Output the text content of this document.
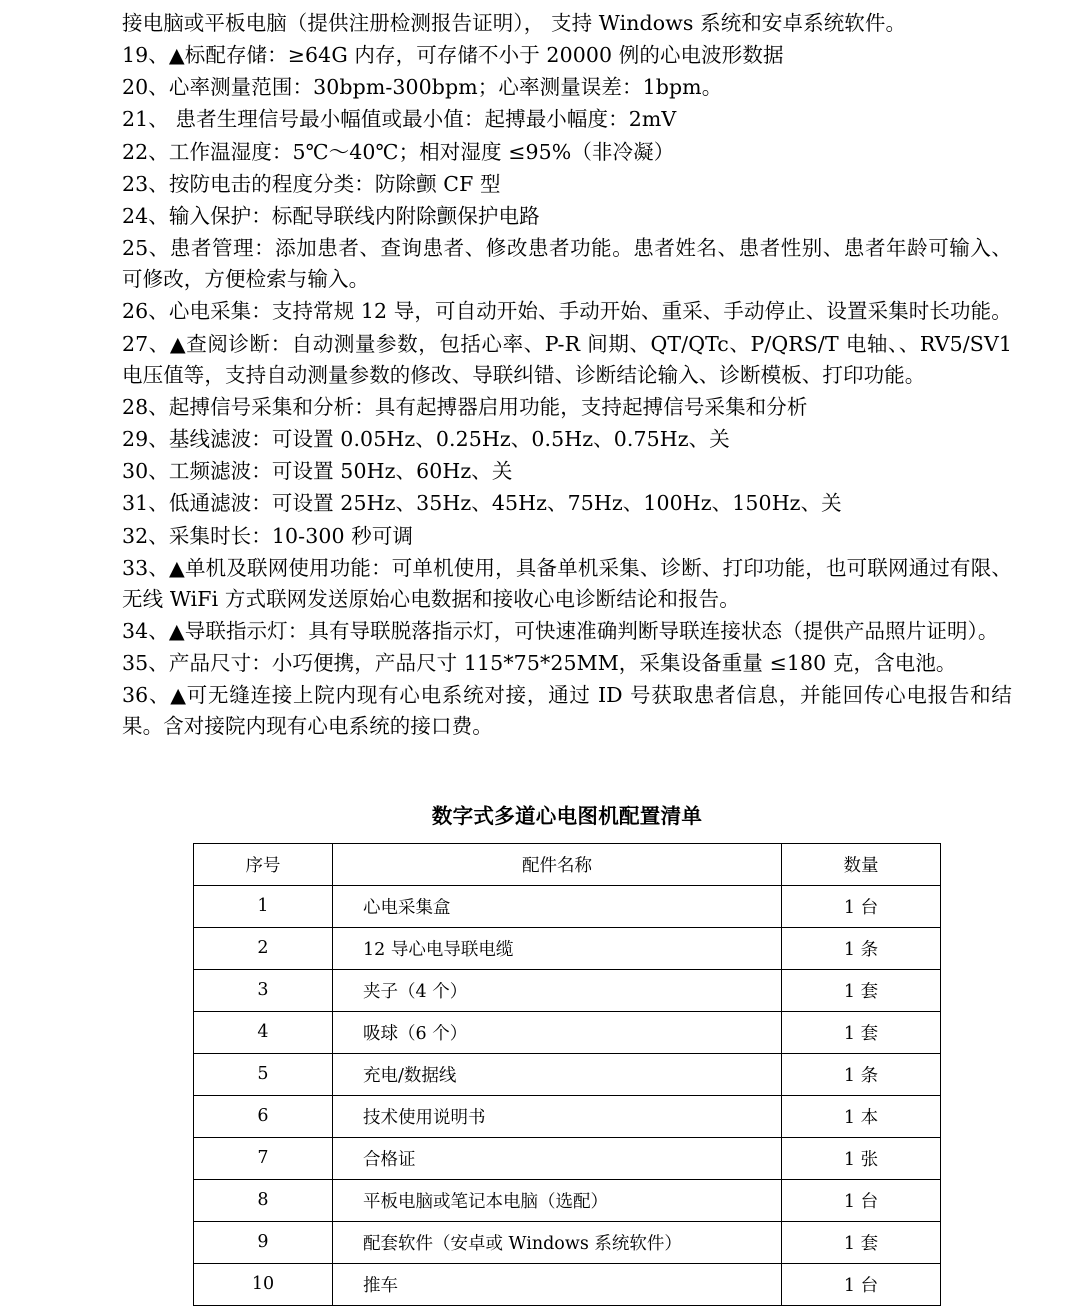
接电脑或平板电脑（提供注册检测报告证明）， 支持 Windows 系统和安卓系统软件。

19、▲标配存储：≥64G 内存，可存储不小于 20000 例的心电波形数据

20、心率测量范围：30bpm-300bpm；心率测量误差：1bpm。

21、 患者生理信号最小幅值或最小值：起搏最小幅度：2mV

22、工作温湿度：5℃～40℃；相对湿度 ≤95%（非冷凝）

23、按防电击的程度分类：防除颤 CF 型

24、输入保护：标配导联线内附除颤保护电路

25、患者管理：添加患者、查询患者、修改患者功能。患者姓名、患者性别、患者年龄可输入、可修改，方便检索与输入。

26、心电采集：支持常规 12 导，可自动开始、手动开始、重采、手动停止、设置采集时长功能。

27、▲查阅诊断：自动测量参数，包括心率、P-R 间期、QT/QTc、P/QRS/T 电轴、、RV5/SV1 电压值等，支持自动测量参数的修改、导联纠错、诊断结论输入、诊断模板、打印功能。

28、起搏信号采集和分析：具有起搏器启用功能，支持起搏信号采集和分析

29、基线滤波：可设置 0.05Hz、0.25Hz、0.5Hz、0.75Hz、关

30、工频滤波：可设置 50Hz、60Hz、关

31、低通滤波：可设置 25Hz、35Hz、45Hz、75Hz、100Hz、150Hz、关

32、采集时长：10-300 秒可调

33、▲单机及联网使用功能：可单机使用，具备单机采集、诊断、打印功能，也可联网通过有限、无线 WiFi 方式联网发送原始心电数据和接收心电诊断结论和报告。

34、▲导联指示灯：具有导联脱落指示灯，可快速准确判断导联连接状态（提供产品照片证明）。

35、产品尺寸：小巧便携，产品尺寸 115*75*25MM，采集设备重量 ≤180 克，含电池。

36、▲可无缝连接上院内现有心电系统对接，通过 ID 号获取患者信息，并能回传心电报告和结果。含对接院内现有心电系统的接口费。

数字式多道心电图机配置清单
序号	配件名称	数量
1	心电采集盒	1 台
2	12 导心电导联电缆	1 条
3	夹子（4 个）	1 套
4	吸球（6 个）	1 套
5	充电/数据线	1 条
6	技术使用说明书	1 本
7	合格证	1 张
8	平板电脑或笔记本电脑（选配）	1 台
9	配套软件（安卓或 Windows 系统软件）	1 套
10	推车	1 台
